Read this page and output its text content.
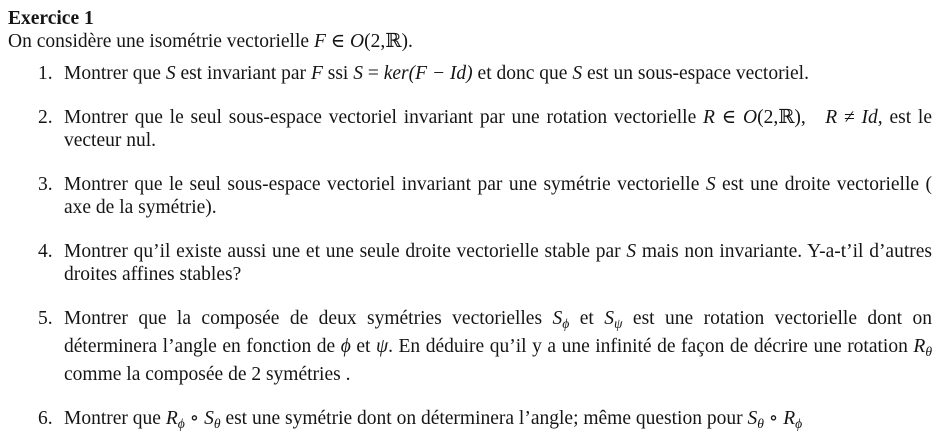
Exercice 1
On considère une isométrie vectorielle F ∈ O(2,ℝ).
1. Montrer que S est invariant par F ssi S = ker(F − Id) et donc que S est un sous-espace vectoriel.
2. Montrer que le seul sous-espace vectoriel invariant par une rotation vectorielle R ∈ O(2,ℝ),  R ≠ Id, est le vecteur nul.
3. Montrer que le seul sous-espace vectoriel invariant par une symétrie vectorielle S est une droite vectorielle ( axe de la symétrie).
4. Montrer qu’il existe aussi une et une seule droite vectorielle stable par S mais non invariante. Y-a-t’il d’autres droites affines stables?
5. Montrer que la composée de deux symétries vectorielles $S_\phi$ et $S_\psi$ est une rotation vectorielle dont on déterminera l’angle en fonction de ϕ et ψ. En déduire qu’il y a une infinité de façon de décrire une rotation $R_\theta$ comme la composée de 2 symétries .
6. Montrer que $R_\phi$ ∘ $S_\theta$ est une symétrie dont on déterminera l’angle; même question pour $S_\theta$ ∘ $R_\phi$
